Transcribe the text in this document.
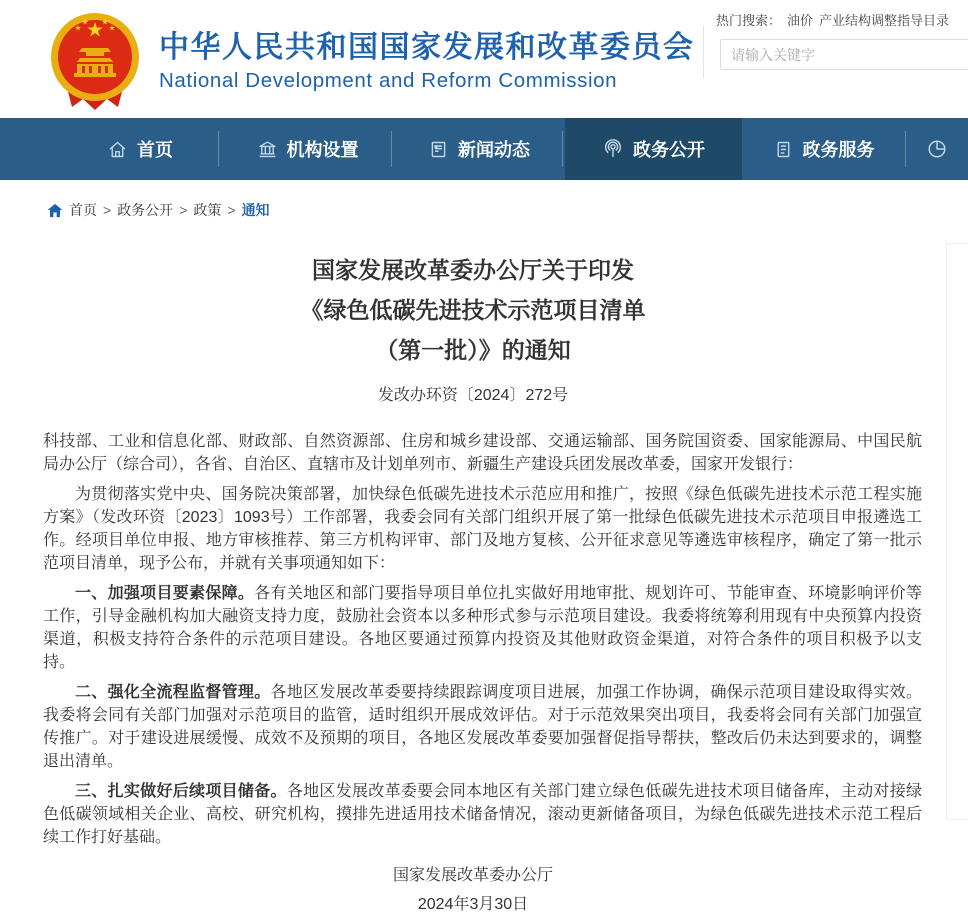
中华人民共和国国家发展和改革委员会
National Development and Reform Commission
热门搜索： 油价 产业结构调整指导目录
请输入关键字
首页	机构设置	新闻动态	政务公开	政务服务
首页 > 政务公开 > 政策 > 通知
国家发展改革委办公厅关于印发
《绿色低碳先进技术示范项目清单
（第一批）》的通知
发改办环资〔2024〕272号

科技部、工业和信息化部、财政部、自然资源部、住房和城乡建设部、交通运输部、国务院国资委、国家能源局、中国民航局办公厅（综合司），各省、自治区、直辖市及计划单列市、新疆生产建设兵团发展改革委，国家开发银行：

为贯彻落实党中央、国务院决策部署，加快绿色低碳先进技术示范应用和推广，按照《绿色低碳先进技术示范工程实施方案》（发改环资〔2023〕1093号）工作部署，我委会同有关部门组织开展了第一批绿色低碳先进技术示范项目申报遴选工作。经项目单位申报、地方审核推荐、第三方机构评审、部门及地方复核、公开征求意见等遴选审核程序，确定了第一批示范项目清单，现予公布，并就有关事项通知如下：

一、加强项目要素保障。各有关地区和部门要指导项目单位扎实做好用地审批、规划许可、节能审查、环境影响评价等工作，引导金融机构加大融资支持力度，鼓励社会资本以多种形式参与示范项目建设。我委将统筹利用现有中央预算内投资渠道，积极支持符合条件的示范项目建设。各地区要通过预算内投资及其他财政资金渠道，对符合条件的项目积极予以支持。

二、强化全流程监督管理。各地区发展改革委要持续跟踪调度项目进展，加强工作协调，确保示范项目建设取得实效。我委将会同有关部门加强对示范项目的监管，适时组织开展成效评估。对于示范效果突出项目，我委将会同有关部门加强宣传推广。对于建设进展缓慢、成效不及预期的项目，各地区发展改革委要加强督促指导帮扶，整改后仍未达到要求的，调整退出清单。

三、扎实做好后续项目储备。各地区发展改革委要会同本地区有关部门建立绿色低碳先进技术项目储备库，主动对接绿色低碳领域相关企业、高校、研究机构，摸排先进适用技术储备情况，滚动更新储备项目，为绿色低碳先进技术示范工程后续工作打好基础。

国家发展改革委办公厅
2024年3月30日
